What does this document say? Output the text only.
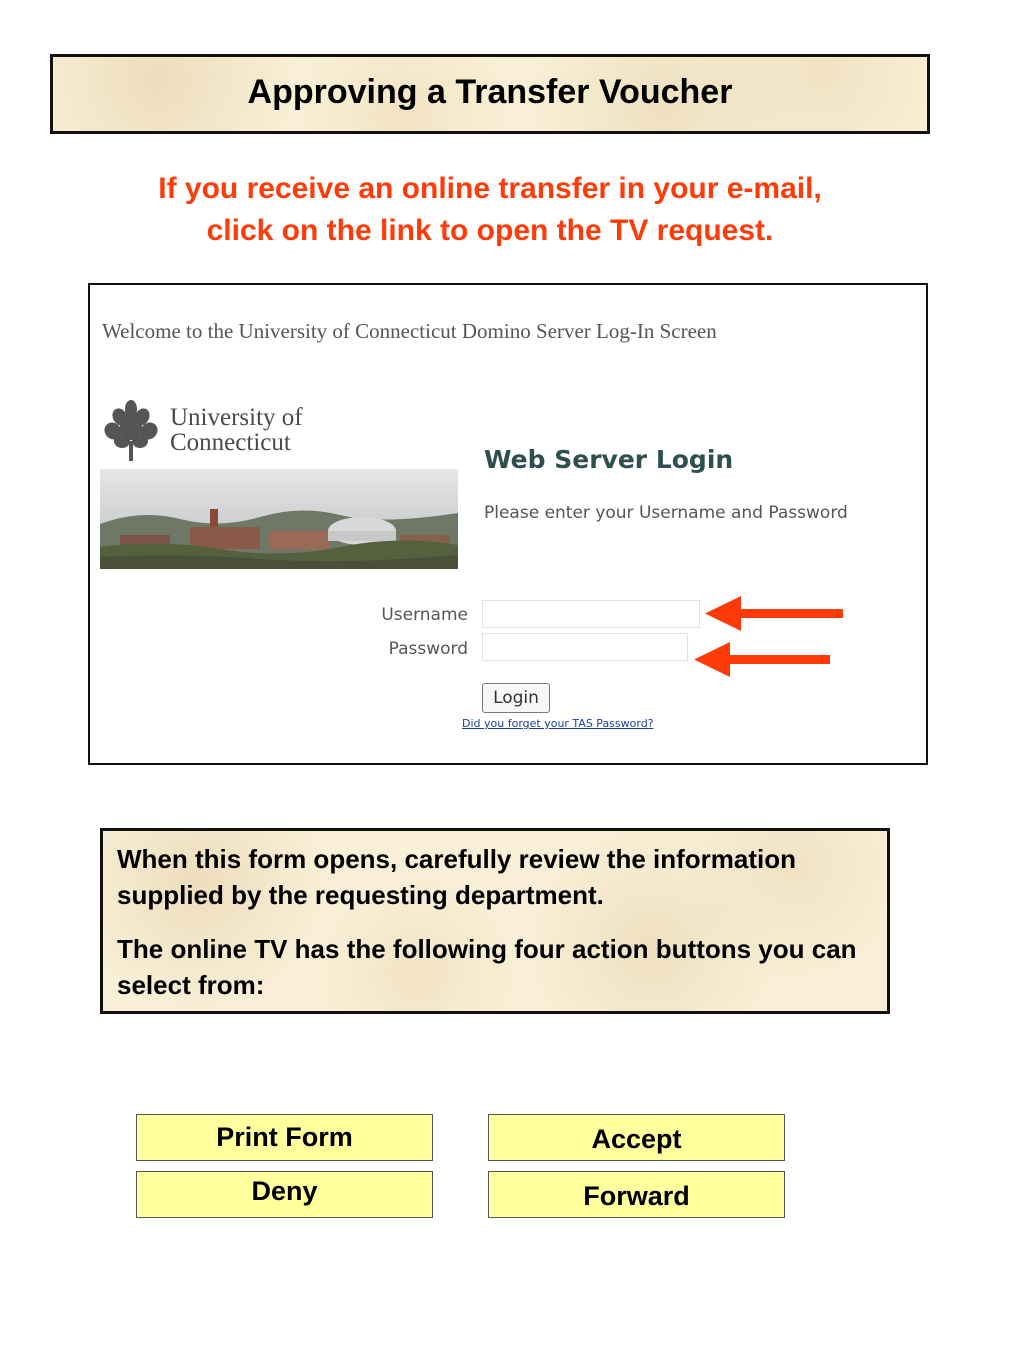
Approving a Transfer Voucher
If you receive an online transfer in your e-mail,
click on the link to open the TV request.
Welcome to the University of Connecticut Domino Server Log-In Screen
University of
Connecticut
Web Server Login
Please enter your Username and Password
Username
Password
Login
Did you forget your TAS Password?

When this form opens, carefully review the information supplied by the requesting department.

The online TV has the following four action buttons you can select from:

Print Form	Accept
Deny	Forward
